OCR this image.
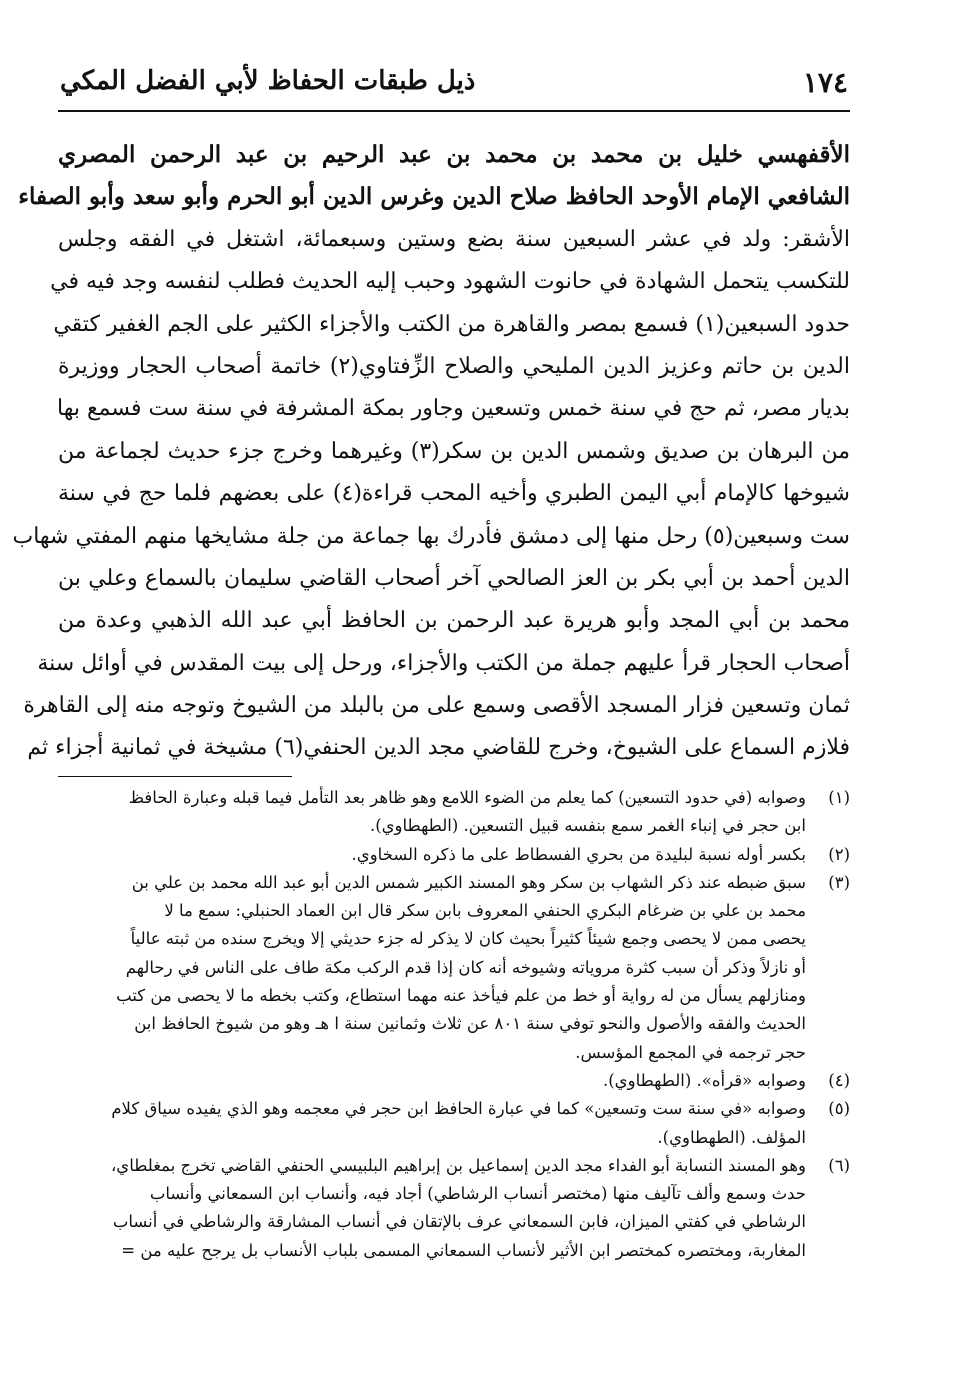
١٧٤
ذيل طبقات الحفاظ لأبي الفضل المكي
الأقفهسي خليل بن محمد بن محمد بن عبد الرحيم بن عبد الرحمن المصري
الشافعي الإمام الأوحد الحافظ صلاح الدين وغرس الدين أبو الحرم وأبو سعد وأبو الصفاء
الأشقر: ولد في عشر السبعين سنة بضع وستين وسبعمائة، اشتغل في الفقه وجلس
للتكسب يتحمل الشهادة في حانوت الشهود وحبب إليه الحديث فطلب لنفسه وجد فيه في
حدود السبعين(١) فسمع بمصر والقاهرة من الكتب والأجزاء الكثير على الجم الغفير كتقي
الدين بن حاتم وعزيز الدين المليحي والصلاح الزِّفتاوي(٢) خاتمة أصحاب الحجار ووزيرة
بديار مصر، ثم حج في سنة خمس وتسعين وجاور بمكة المشرفة في سنة ست فسمع بها
من البرهان بن صديق وشمس الدين بن سكر(٣) وغيرهما وخرج جزء حديث لجماعة من
شيوخها كالإمام أبي اليمن الطبري وأخيه المحب قراءة(٤) على بعضهم فلما حج في سنة
ست وسبعين(٥) رحل منها إلى دمشق فأدرك بها جماعة من جلة مشايخها منهم المفتي شهاب
الدين أحمد بن أبي بكر بن العز الصالحي آخر أصحاب القاضي سليمان بالسماع وعلي بن
محمد بن أبي المجد وأبو هريرة عبد الرحمن بن الحافظ أبي عبد الله الذهبي وعدة من
أصحاب الحجار قرأ عليهم جملة من الكتب والأجزاء، ورحل إلى بيت المقدس في أوائل سنة
ثمان وتسعين فزار المسجد الأقصى وسمع على من بالبلد من الشيوخ وتوجه منه إلى القاهرة
فلازم السماع على الشيوخ، وخرج للقاضي مجد الدين الحنفي(٦) مشيخة في ثمانية أجزاء ثم
(١)
وصوابه (في حدود التسعين) كما يعلم من الضوء اللامع وهو ظاهر بعد التأمل فيما قبله وعبارة الحافظ
ابن حجر في إنباء الغمر سمع بنفسه قبيل التسعين. (الطهطاوي).
(٢)
بكسر أوله نسبة لبليدة من بحري الفسطاط على ما ذكره السخاوي.
(٣)
سبق ضبطه عند ذكر الشهاب بن سكر وهو المسند الكبير شمس الدين أبو عبد الله محمد بن علي بن
محمد بن علي بن ضرغام البكري الحنفي المعروف بابن سكر قال ابن العماد الحنبلي: سمع ما لا
يحصى ممن لا يحصى وجمع شيئاً كثيراً بحيث كان لا يذكر له جزء حديثي إلا ويخرج سنده من ثبته عالياً
أو نازلاً وذكر أن سبب كثرة مروياته وشيوخه أنه كان إذا قدم الركب مكة طاف على الناس في رحالهم
ومنازلهم يسأل من له رواية أو خط من علم فيأخذ عنه مهما استطاع، وكتب بخطه ما لا يحصى من كتب
الحديث والفقه والأصول والنحو توفي سنة ٨٠١ عن ثلاث وثمانين سنة ا هـ وهو من شيوخ الحافظ ابن
حجر ترجمه في المجمع المؤسس.
(٤)
وصوابه «قرأه». (الطهطاوي).
(٥)
وصوابه «في سنة ست وتسعين» كما في عبارة الحافظ ابن حجر في معجمه وهو الذي يفيده سياق كلام
المؤلف. (الطهطاوي).
(٦)
وهو المسند النسابة أبو الفداء مجد الدين إسماعيل بن إبراهيم البلبيسي الحنفي القاضي تخرج بمغلطاي،
حدث وسمع وألف تآليف منها (مختصر أنساب الرشاطي) أجاد فيه، وأنساب ابن السمعاني وأنساب
الرشاطي في كفتي الميزان، فابن السمعاني عرف بالإتقان في أنساب المشارقة والرشاطي في أنساب
المغاربة، ومختصره كمختصر ابن الأثير لأنساب السمعاني المسمى بلباب الأنساب بل يرجح عليه من =
